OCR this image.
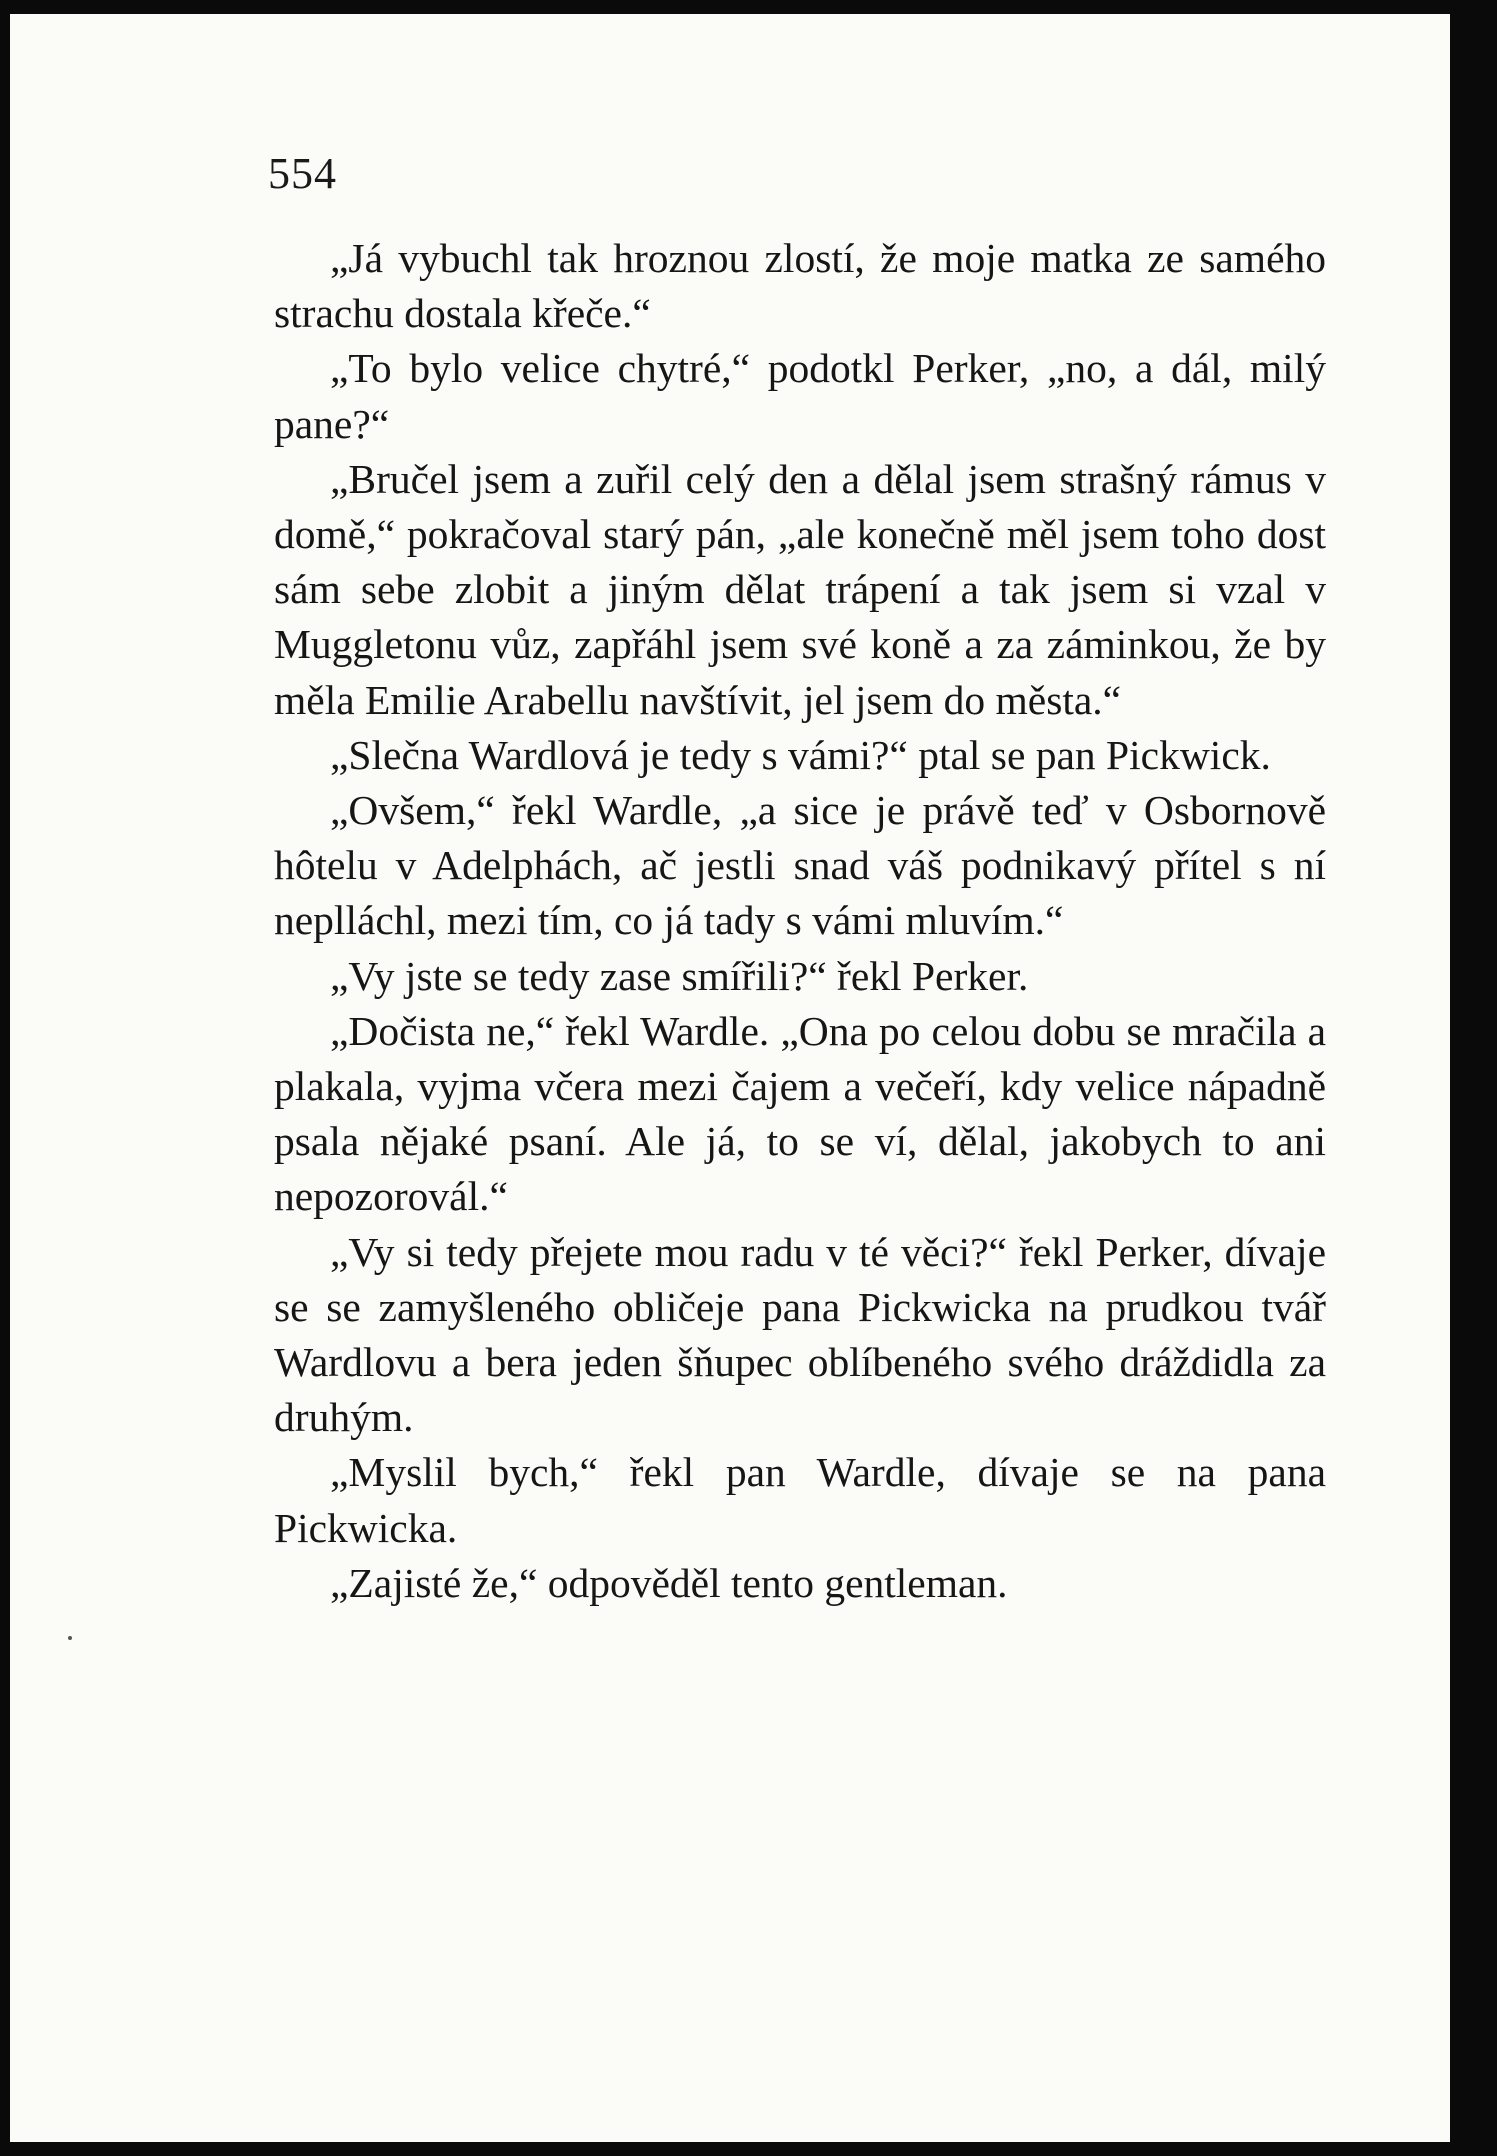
554

„Já vybuchl tak hroznou zlostí, že moje matka ze samého strachu dostala křeče.“

„To bylo velice chytré,“ podotkl Perker, „no, a dál, milý pane?“

„Bručel jsem a zuřil celý den a dělal jsem strašný rámus v domě,“ pokračoval starý pán, „ale konečně měl jsem toho dost sám sebe zlobit a jiným dělat trápení a tak jsem si vzal v Muggletonu vůz, zapřáhl jsem své koně a za záminkou, že by měla Emilie Arabellu navštívit, jel jsem do města.“

„Slečna Wardlová je tedy s vámi?“ ptal se pan Pickwick.

„Ovšem,“ řekl Wardle, „a sice je právě teď v Osbornově hôtelu v Adelphách, ač jestli snad váš podnikavý přítel s ní neplláchl, mezi tím, co já tady s vámi mluvím.“

„Vy jste se tedy zase smířili?“ řekl Perker.

„Dočista ne,“ řekl Wardle. „Ona po celou dobu se mračila a plakala, vyjma včera mezi čajem a večeří, kdy velice nápadně psala nějaké psaní. Ale já, to se ví, dělal, jakobych to ani nepozorovál.“

„Vy si tedy přejete mou radu v té věci?“ řekl Perker, dívaje se se zamyšleného obličeje pana Pickwicka na prudkou tvář Wardlovu a bera jeden šňupec oblíbeného svého dráždidla za druhým.

„Myslil bych,“ řekl pan Wardle, dívaje se na pana Pickwicka.

„Zajisté že,“ odpověděl tento gentleman.
